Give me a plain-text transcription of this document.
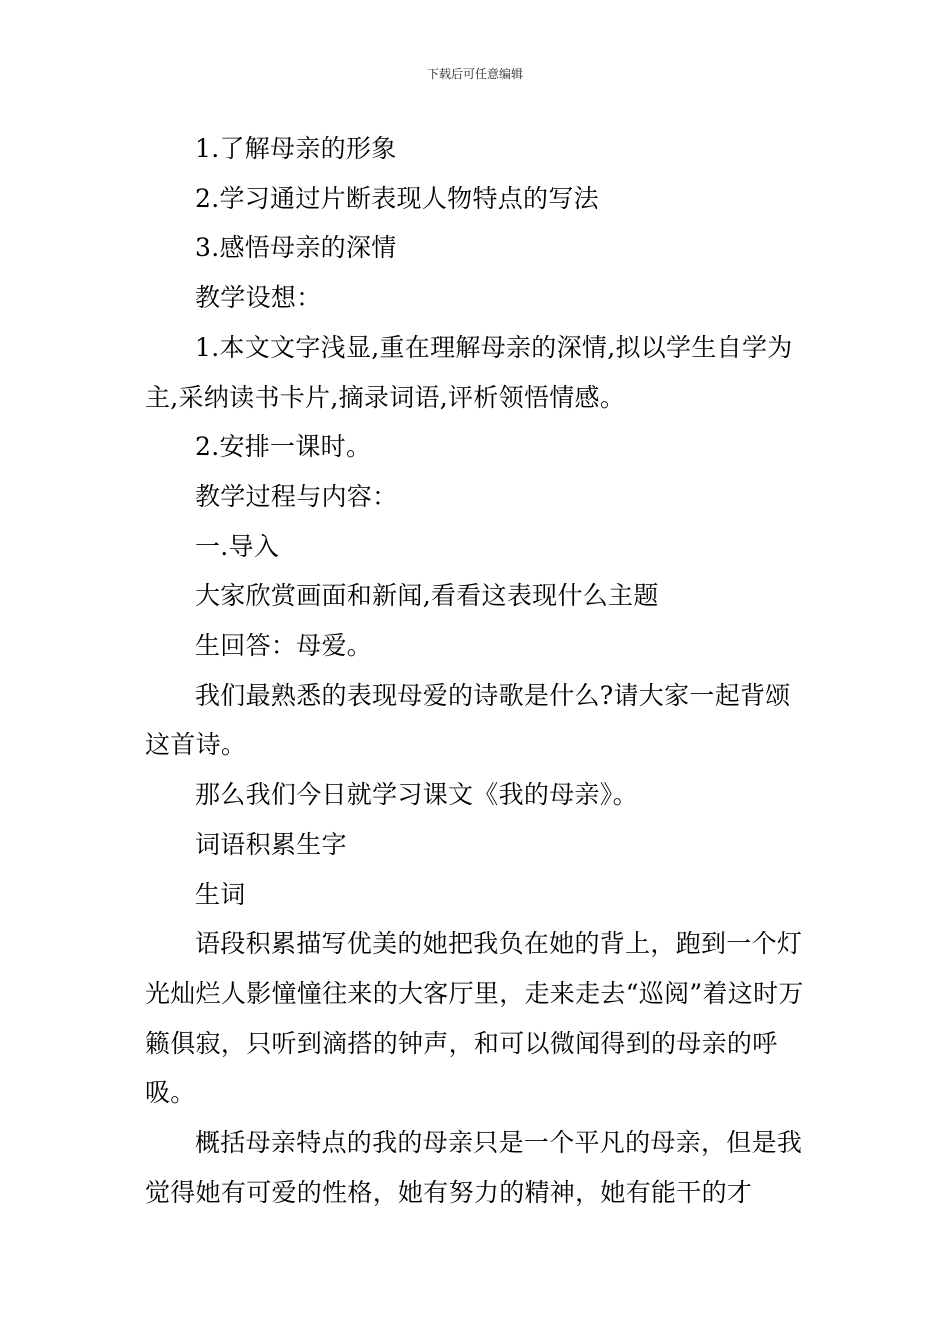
下载后可任意编辑

1.了解母亲的形象

2.学习通过片断表现人物特点的写法

3.感悟母亲的深情

教学设想：

1.本文文字浅显,重在理解母亲的深情,拟以学生自学为主,采纳读书卡片,摘录词语,评析领悟情感。

2.安排一课时。

教学过程与内容：

一.导入

大家欣赏画面和新闻,看看这表现什么主题

生回答：母爱。

我们最熟悉的表现母爱的诗歌是什么?请大家一起背颂这首诗。

那么我们今日就学习课文《我的母亲》。

词语积累生字

生词

语段积累描写优美的她把我负在她的背上，跑到一个灯光灿烂人影憧憧往来的大客厅里，走来走去“巡阅”着这时万籁俱寂，只听到滴搭的钟声，和可以微闻得到的母亲的呼吸。

概括母亲特点的我的母亲只是一个平凡的母亲，但是我觉得她有可爱的性格，她有努力的精神，她有能干的才
